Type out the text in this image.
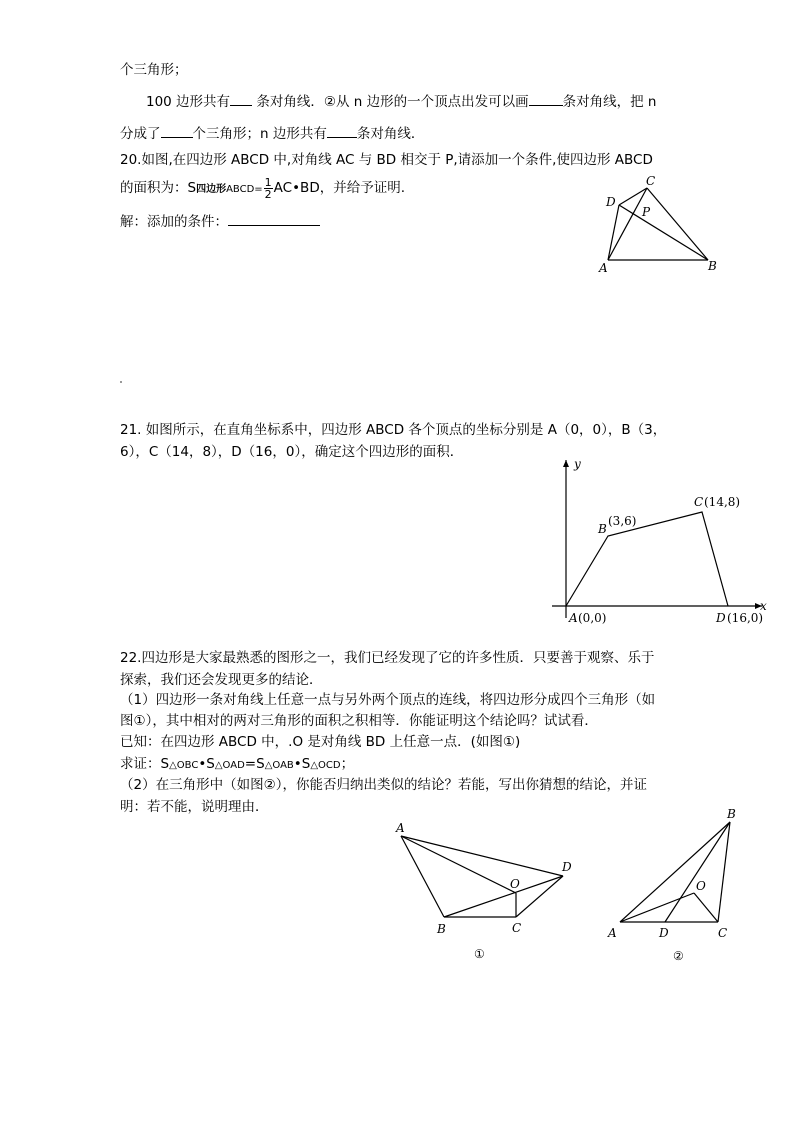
个三角形；
100 边形共有 条对角线．②从 n 边形的一个顶点出发可以画	条对角线，把 n
分成了 个三角形；n 边形共有 条对角线．
20.如图,在四边形 ABCD 中,对角线 AC 与 BD 相交于 P,请添加一个条件,使四边形 ABCD
的面积为：S四边形ABCD= $\frac{1}{2}$ AC•BD，并给予证明.
解：添加的条件：
A	B
C
D
P
21. 如图所示，在直角坐标系中，四边形 ABCD 各个顶点的坐标分别是 A（0，0），B（3，
6），C（14，8），D（16，0），确定这个四边形的面积．
x
y
B
(3,6)
C (14,8)
A (0,0)	D (16,0)
22.四边形是大家最熟悉的图形之一，我们已经发现了它的许多性质．只要善于观察、乐于
探索，我们还会发现更多的结论．
（1）四边形一条对角线上任意一点与另外两个顶点的连线，将四边形分成四个三角形（如
图①），其中相对的两对三角形的面积之积相等．你能证明这个结论吗？试试看．
已知：在四边形 ABCD 中，.O 是对角线 BD 上任意一点．(如图①)
求证：S△OBC•S△OAD=S△OAB•S△OCD；
（2）在三角形中（如图②），你能否归纳出类似的结论？若能，写出你猜想的结论，并证
明：若不能，说明理由．
A
B	C
D
O
①
B
A	D	C
O
②
